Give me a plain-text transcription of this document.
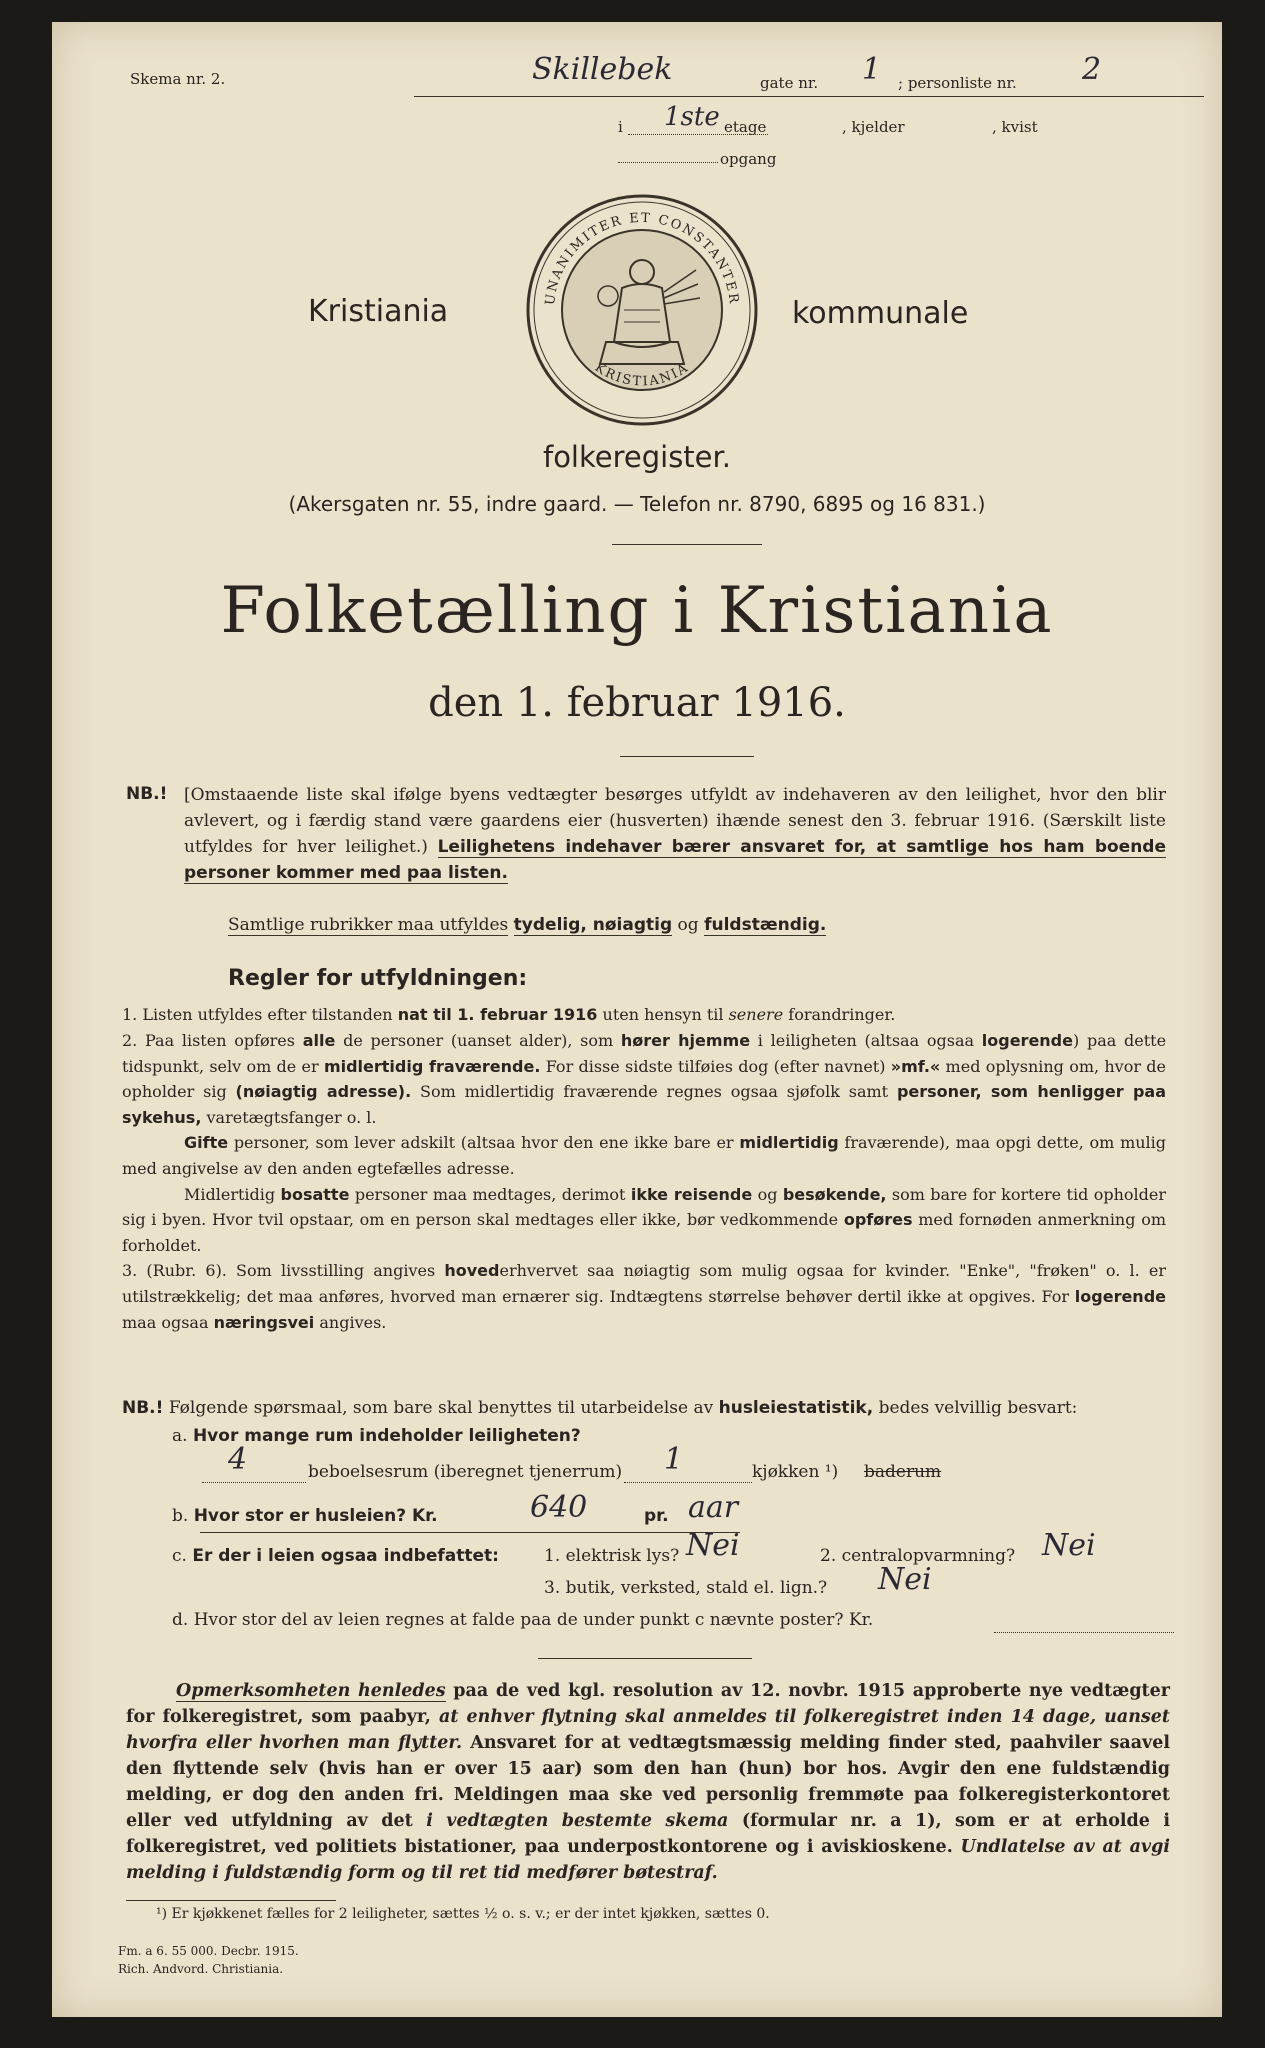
Skema nr. 2.	Skillebek	gate nr. 1 ; personliste nr. 2
i 1ste etage	, kjelder	, kvist
opgang
Kristiania	kommunale
UNANIMITER ET CONSTANTER
KRISTIANIA
folkeregister.
(Akersgaten nr. 55, indre gaard. — Telefon nr. 8790, 6895 og 16 831.)
Folketælling i Kristiania
den 1. februar 1916.
NB.! [Omstaaende liste skal ifølge byens vedtægter besørges utfyldt av indehaveren av den leilighet, hvor den blir avlevert, og i færdig stand være gaardens eier (husverten) ihænde senest den 3. februar 1916. (Særskilt liste utfyldes for hver leilighet.) Leilighetens indehaver bærer ansvaret for, at samtlige hos ham boende personer kommer med paa listen.
Samtlige rubrikker maa utfyldes tydelig, nøiagtig og fuldstændig.
Regler for utfyldningen:
1. Listen utfyldes efter tilstanden nat til 1. februar 1916 uten hensyn til senere forandringer.
2. Paa listen opføres alle de personer (uanset alder), som hører hjemme i leiligheten (altsaa ogsaa logerende) paa dette tidspunkt, selv om de er midlertidig fraværende. For disse sidste tilføies dog (efter navnet) »mf.« med oplysning om, hvor de opholder sig (nøiagtig adresse). Som midlertidig fraværende regnes ogsaa sjøfolk samt personer, som henligger paa sykehus, varetægtsfanger o. l.
Gifte personer, som lever adskilt (altsaa hvor den ene ikke bare er midlertidig fraværende), maa opgi dette, om mulig med angivelse av den anden egtefælles adresse.
Midlertidig bosatte personer maa medtages, derimot ikke reisende og besøkende, som bare for kortere tid opholder sig i byen. Hvor tvil opstaar, om en person skal medtages eller ikke, bør vedkommende opføres med fornøden anmerkning om forholdet.
3. (Rubr. 6). Som livsstilling angives hovederhvervet saa nøiagtig som mulig ogsaa for kvinder. "Enke", "frøken" o. l. er utilstrækkelig; det maa anføres, hvorved man ernærer sig. Indtægtens størrelse behøver dertil ikke at opgives. For logerende maa ogsaa næringsvei angives.
NB.! Følgende spørsmaal, som bare skal benyttes til utarbeidelse av husleiestatistik, bedes velvillig besvart:
a. Hvor mange rum indeholder leiligheten?
4	beboelsesrum (iberegnet tjenerrum) 1	kjøkken ¹) baderum
b. Hvor stor er husleien? Kr.	640	pr. aar
c. Er der i leien ogsaa indbefattet:	1. elektrisk lys? Nei	2. centralopvarmning? Nei
3. butik, verksted, stald el. lign.? Nei
d. Hvor stor del av leien regnes at falde paa de under punkt c nævnte poster? Kr.
Opmerksomheten henledes paa de ved kgl. resolution av 12. novbr. 1915 approberte nye vedtægter for folkeregistret, som paabyr, at enhver flytning skal anmeldes til folkeregistret inden 14 dage, uanset hvorfra eller hvorhen man flytter. Ansvaret for at vedtægtsmæssig melding finder sted, paahviler saavel den flyttende selv (hvis han er over 15 aar) som den han (hun) bor hos. Avgir den ene fuldstændig melding, er dog den anden fri. Meldingen maa ske ved personlig fremmøte paa folkeregisterkontoret eller ved utfyldning av det i vedtægten bestemte skema (formular nr. a 1), som er at erholde i folkeregistret, ved politiets bistationer, paa underpostkontorene og i aviskioskene. Undlatelse av at avgi melding i fuldstændig form og til ret tid medfører bøtestraf.
¹) Er kjøkkenet fælles for 2 leiligheter, sættes ½ o. s. v.; er der intet kjøkken, sættes 0.
Fm. a 6. 55 000. Decbr. 1915.
Rich. Andvord. Christiania.
